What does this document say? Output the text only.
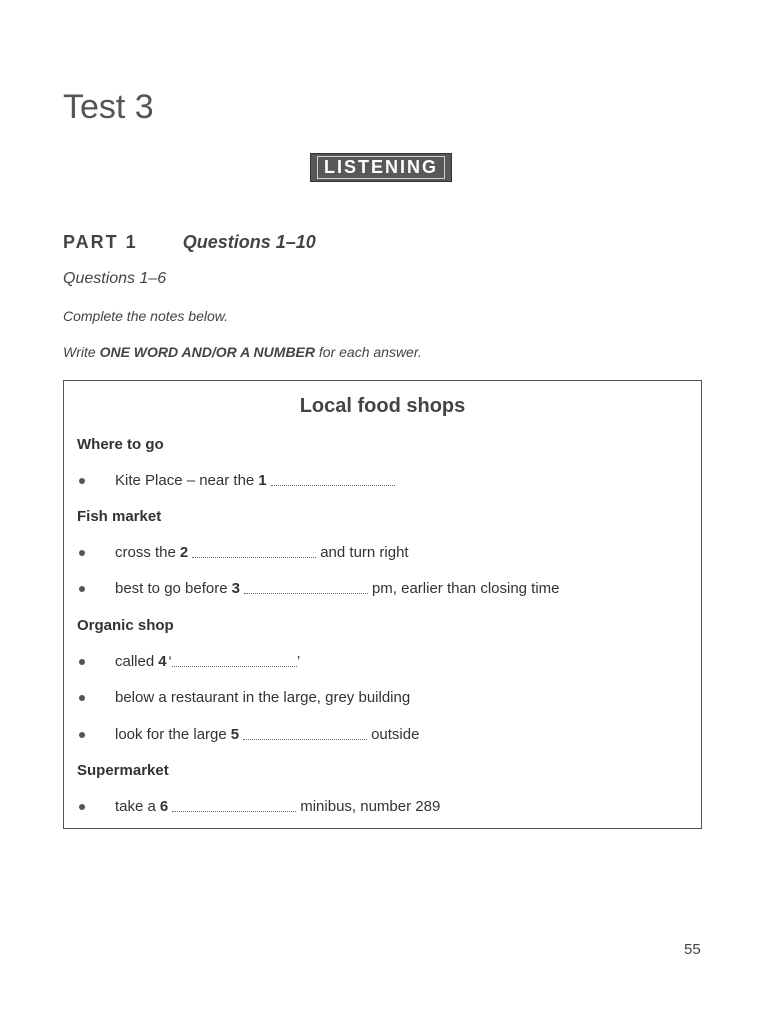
Test 3
LISTENING
PART 1	Questions 1–10
Questions 1–6
Complete the notes below.
Write ONE WORD AND/OR A NUMBER for each answer.
Local food shops
Where to go
Kite Place – near the 1
Fish market
cross the 2	and turn right
best to go before 3	pm, earlier than closing time
Organic shop
called 4 ‘	’
below a restaurant in the large, grey building
look for the large 5	outside
Supermarket
take a 6	minibus, number 289
55
